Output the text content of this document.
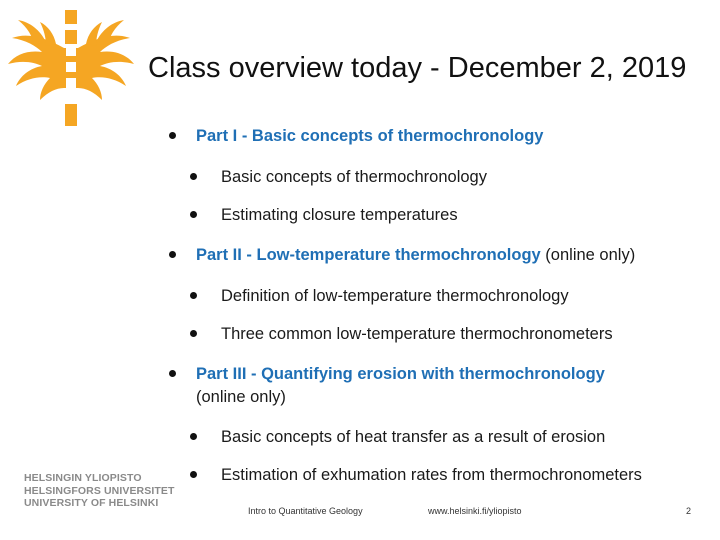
Class overview today - December 2, 2019
Part I - Basic concepts of thermochronology
Basic concepts of thermochronology
Estimating closure temperatures
Part II - Low-temperature thermochronology (online only)
Definition of low-temperature thermochronology
Three common low-temperature thermochronometers
Part III - Quantifying erosion with thermochronology
(online only)
Basic concepts of heat transfer as a result of erosion
Estimation of exhumation rates from thermochronometers
HELSINGIN YLIOPISTO
HELSINGFORS UNIVERSITET
UNIVERSITY OF HELSINKI
Intro to Quantitative Geology	www.helsinki.fi/yliopisto	2
